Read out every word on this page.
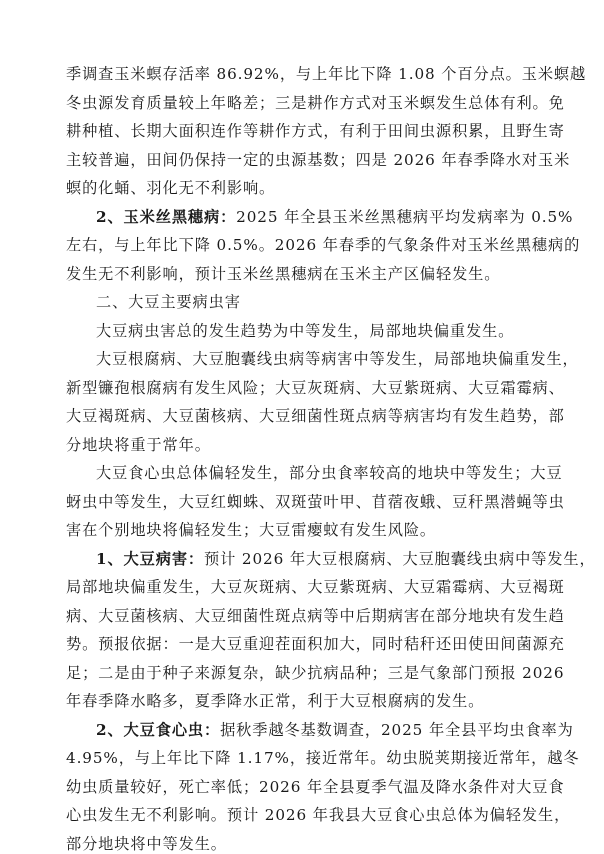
季调查玉米螟存活率 86.92%，与上年比下降 1.08 个百分点。玉米螟越
冬虫源发育质量较上年略差；三是耕作方式对玉米螟发生总体有利。免
耕种植、长期大面积连作等耕作方式，有利于田间虫源积累，且野生寄
主较普遍，田间仍保持一定的虫源基数；四是 2026 年春季降水对玉米
螟的化蛹、羽化无不利影响。
2、玉米丝黑穗病：2025 年全县玉米丝黑穗病平均发病率为 0.5%
左右，与上年比下降 0.5%。2026 年春季的气象条件对玉米丝黑穗病的
发生无不利影响，预计玉米丝黑穗病在玉米主产区偏轻发生。
二、大豆主要病虫害
大豆病虫害总的发生趋势为中等发生，局部地块偏重发生。
大豆根腐病、大豆胞囊线虫病等病害中等发生，局部地块偏重发生，
新型镰孢根腐病有发生风险；大豆灰斑病、大豆紫斑病、大豆霜霉病、
大豆褐斑病、大豆菌核病、大豆细菌性斑点病等病害均有发生趋势，部
分地块将重于常年。
大豆食心虫总体偏轻发生，部分虫食率较高的地块中等发生；大豆
蚜虫中等发生，大豆红蜘蛛、双斑萤叶甲、苜蓿夜蛾、豆秆黑潜蝇等虫
害在个别地块将偏轻发生；大豆雷瘿蚊有发生风险。
1、大豆病害：预计 2026 年大豆根腐病、大豆胞囊线虫病中等发生，
局部地块偏重发生，大豆灰斑病、大豆紫斑病、大豆霜霉病、大豆褐斑
病、大豆菌核病、大豆细菌性斑点病等中后期病害在部分地块有发生趋
势。预报依据：一是大豆重迎茬面积加大，同时秸秆还田使田间菌源充
足；二是由于种子来源复杂，缺少抗病品种；三是气象部门预报 2026
年春季降水略多，夏季降水正常，利于大豆根腐病的发生。
2、大豆食心虫：据秋季越冬基数调查，2025 年全县平均虫食率为
4.95%，与上年比下降 1.17%，接近常年。幼虫脱荚期接近常年，越冬
幼虫质量较好，死亡率低；2026 年全县夏季气温及降水条件对大豆食
心虫发生无不利影响。预计 2026 年我县大豆食心虫总体为偏轻发生，
部分地块将中等发生。
